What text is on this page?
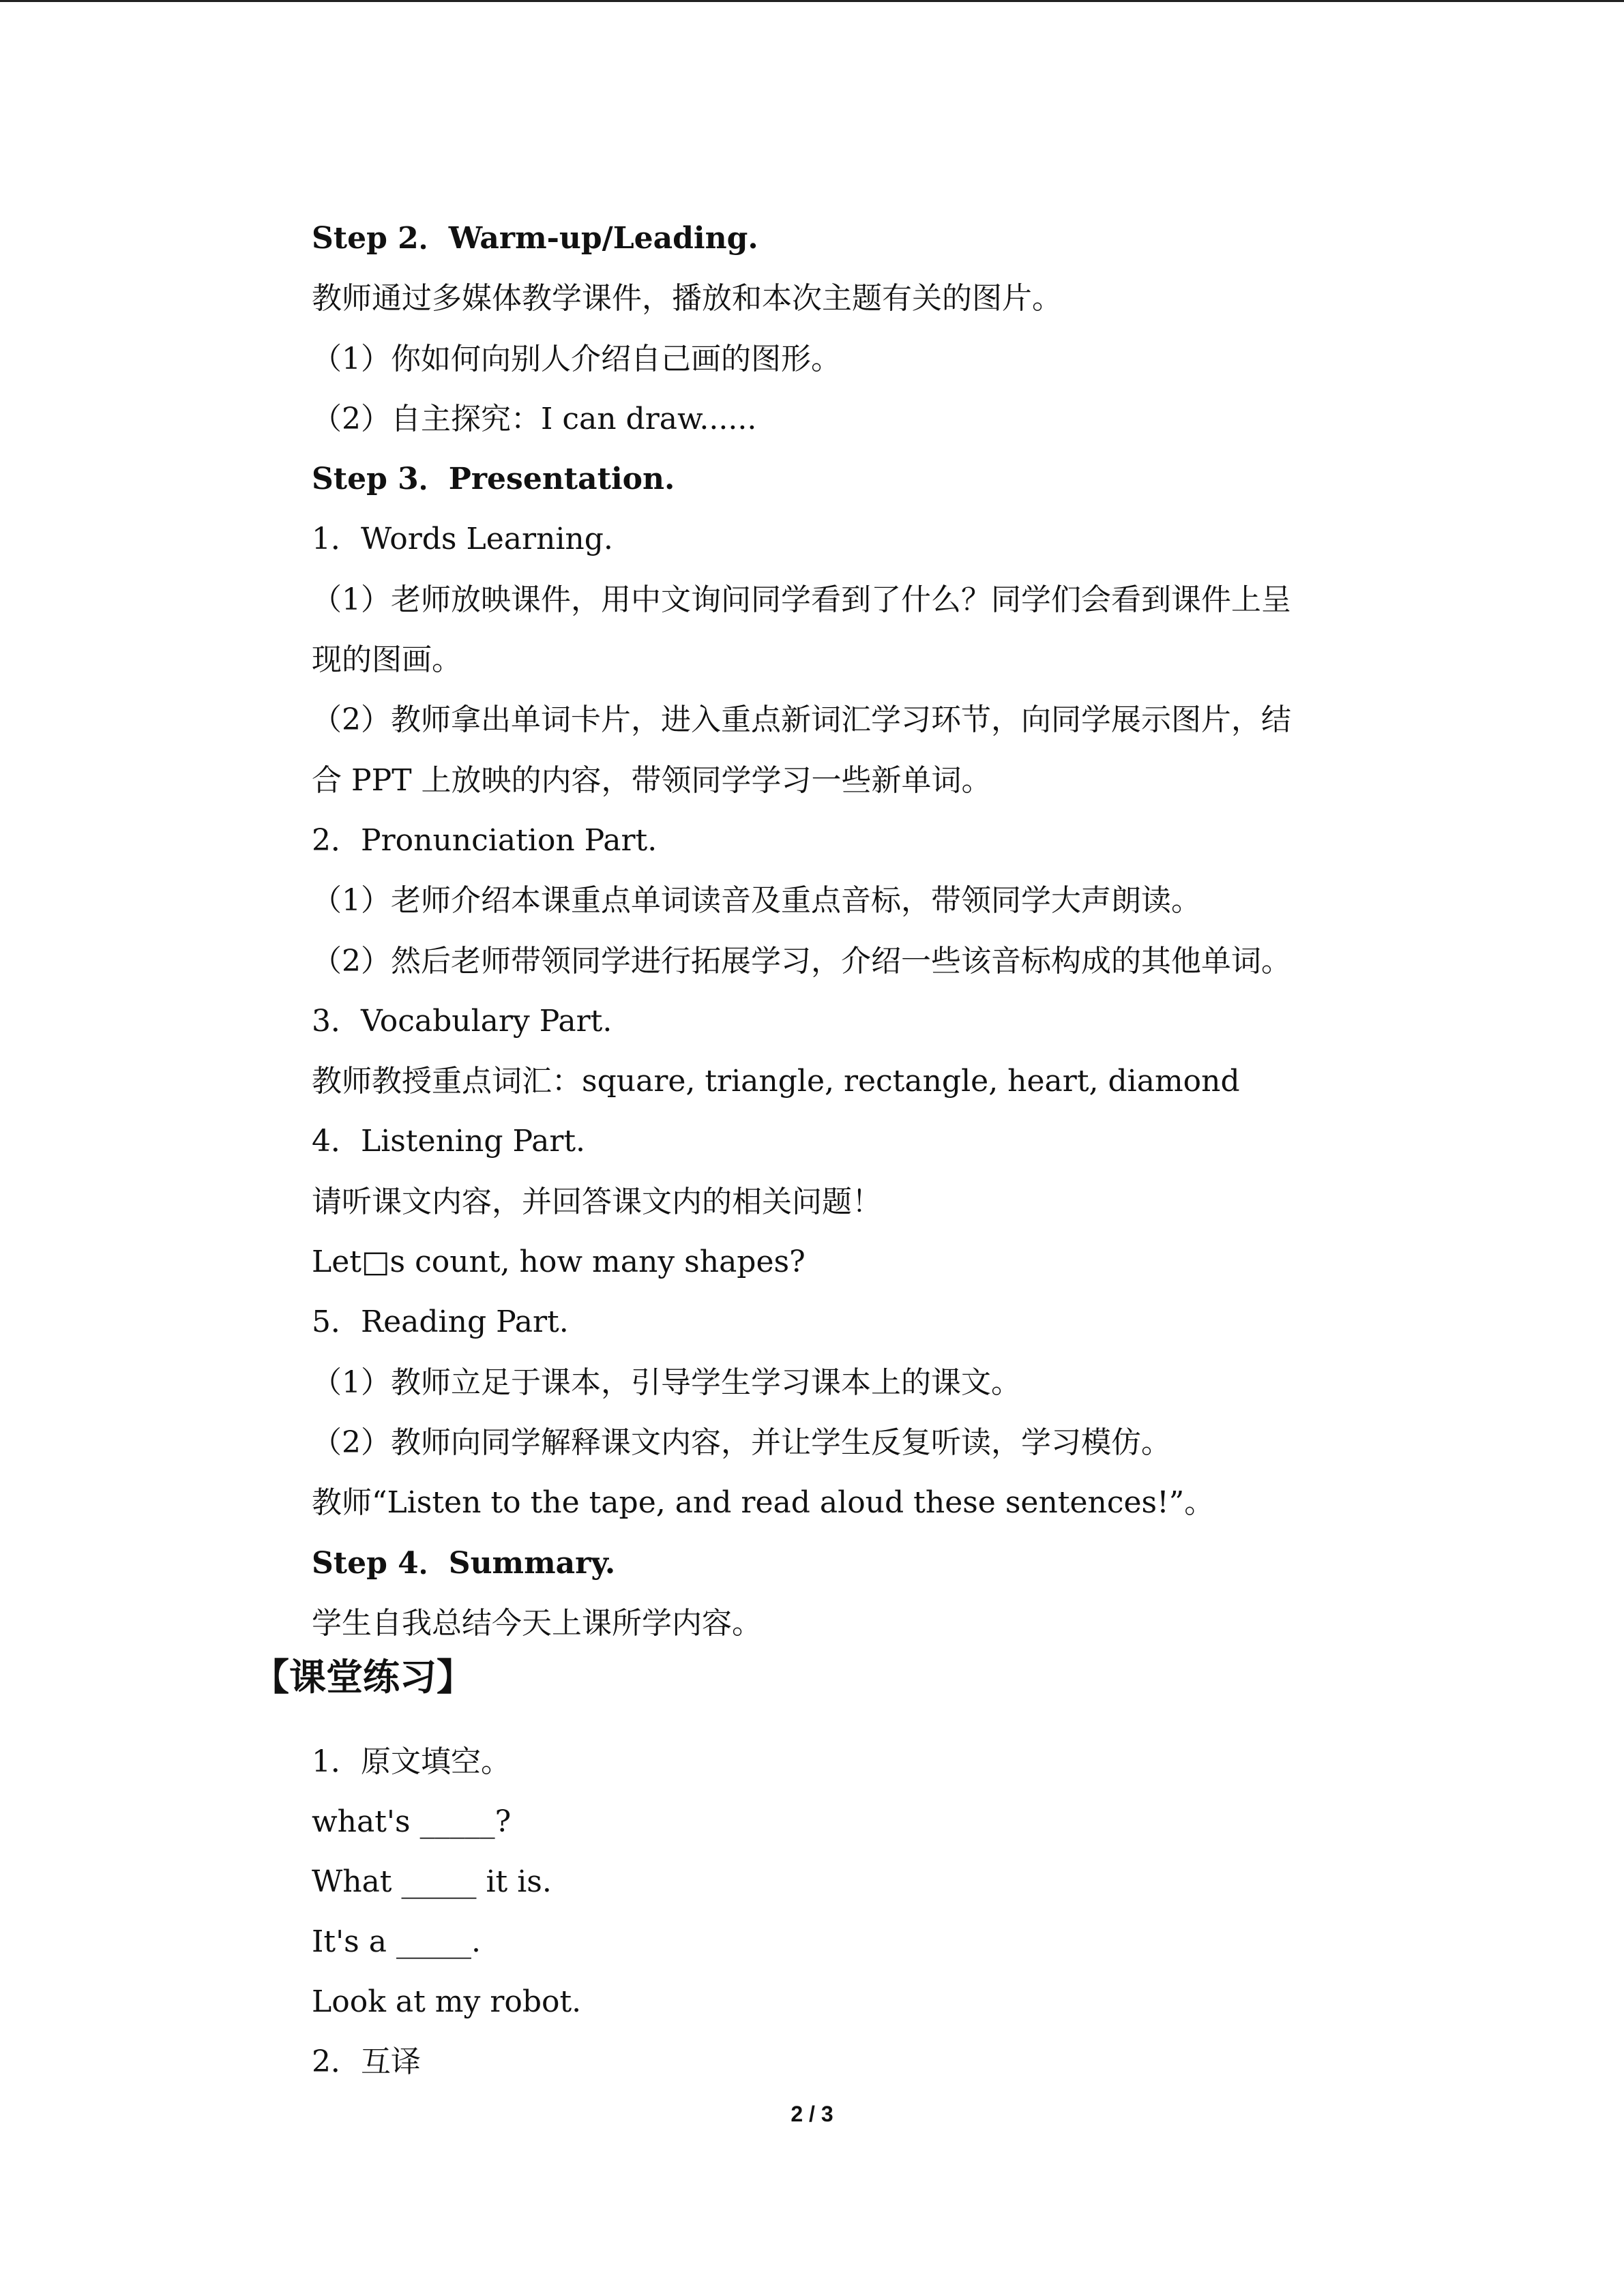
Step 2．Warm-up/Leading.
教师通过多媒体教学课件，播放和本次主题有关的图片。
（1）你如何向别人介绍自己画的图形。
（2）自主探究：I can draw......
Step 3．Presentation.
1．Words Learning.
（1）老师放映课件，用中文询问同学看到了什么？同学们会看到课件上呈
现的图画。
（2）教师拿出单词卡片，进入重点新词汇学习环节，向同学展示图片，结
合 PPT 上放映的内容，带领同学学习一些新单词。
2．Pronunciation Part.
（1）老师介绍本课重点单词读音及重点音标，带领同学大声朗读。
（2）然后老师带领同学进行拓展学习，介绍一些该音标构成的其他单词。
3．Vocabulary Part.
教师教授重点词汇：square, triangle, rectangle, heart, diamond
4．Listening Part.
请听课文内容，并回答课文内的相关问题！
Let□s count, how many shapes?
5．Reading Part.
（1）教师立足于课本，引导学生学习课本上的课文。
（2）教师向同学解释课文内容，并让学生反复听读，学习模仿。
教师“Listen to the tape, and read aloud these sentences!”。
Step 4．Summary.
学生自我总结今天上课所学内容。
【课堂练习】
1．原文填空。
what's _____?
What _____ it is.
It's a _____.
Look at my robot.
2．互译
2 / 3
